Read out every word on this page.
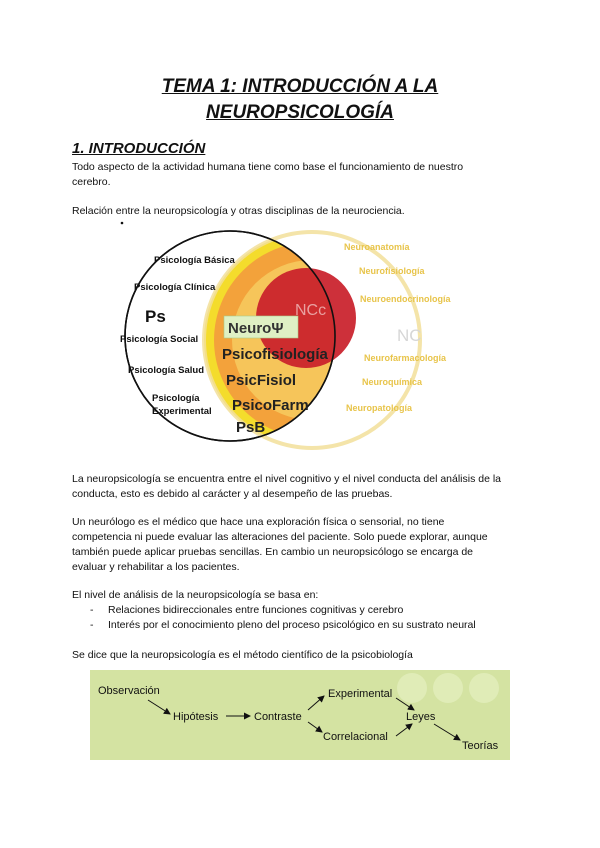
TEMA 1: INTRODUCCIÓN A LA
NEUROPSICOLOGÍA
1. INTRODUCCIÓN
Todo aspecto de la actividad humana tiene como base el funcionamiento de nuestro
cerebro.
Relación entre la neuropsicología y otras disciplinas de la neurociencia.
Psicología Básica
Psicología Clínica
Ps
Psicología Social
Psicología Salud
Psicología
Experimental
NeuroΨ
Psicofisiología
PsicFisiol
PsicoFarm
PsB
NCc
NC
Neuroanatomía
Neurofisiología
Neuroendocrinología
Neurofarmacología
Neuroquímica
Neuropatología
La neuropsicología se encuentra entre el nivel cognitivo y el nivel conducta del análisis de la
conducta, esto es debido al carácter y al desempeño de las pruebas.
Un neurólogo es el médico que hace una exploración física o sensorial, no tiene
competencia ni puede evaluar las alteraciones del paciente. Solo puede explorar, aunque
también puede aplicar pruebas sencillas. En cambio un neuropsicólogo se encarga de
evaluar y rehabilitar a los pacientes.
El nivel de análisis de la neuropsicología se basa en:
- Relaciones bidireccionales entre funciones cognitivas y cerebro
- Interés por el conocimiento pleno del proceso psicológico en su sustrato neural
Se dice que la neuropsicología es el método científico de la psicobiología
Observación
Hipótesis	Contraste
Experimental
Correlacional
Leyes
Teorías
